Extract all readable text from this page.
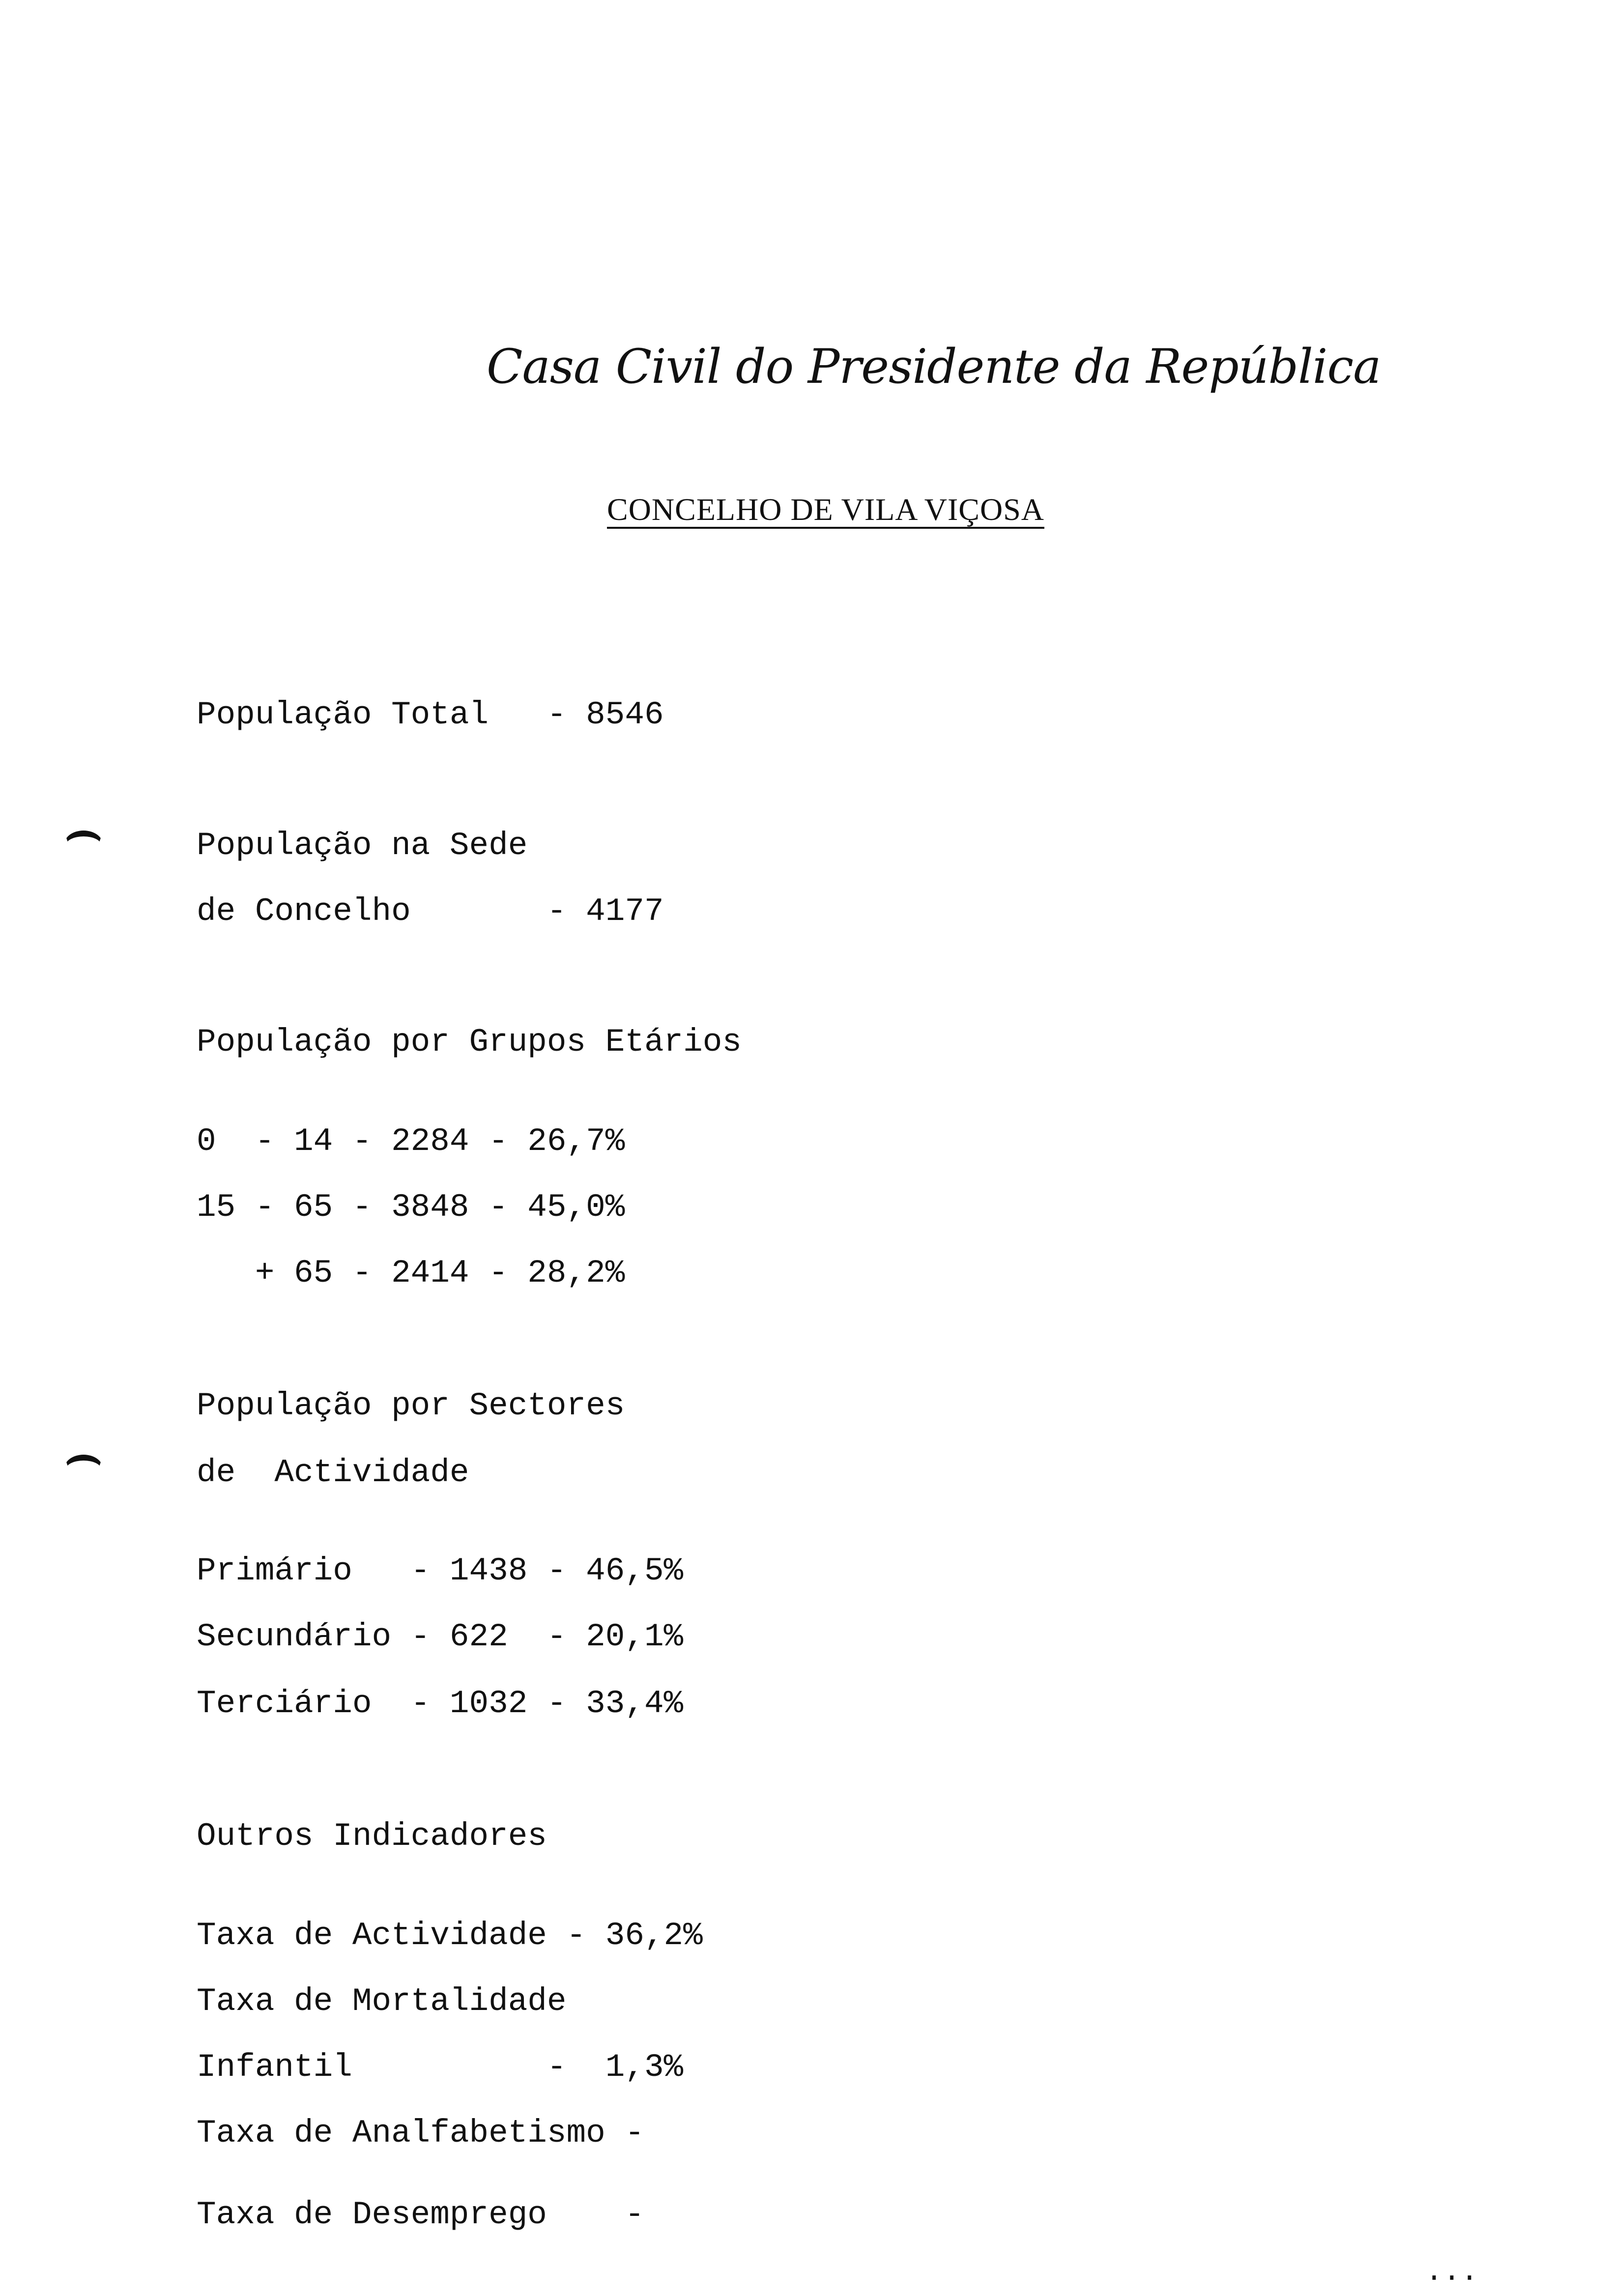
Casa Civil do Presidente da República
CONCELHO DE VILA VIÇOSA
População Total   - 8546
População na Sede
de Concelho       - 4177
População por Grupos Etários
0  - 14 - 2284 - 26,7%
15 - 65 - 3848 - 45,0%
+ 65 - 2414 - 28,2%
População por Sectores
de  Actividade
Primário   - 1438 - 46,5%
Secundário - 622  - 20,1%
Terciário  - 1032 - 33,4%
Outros Indicadores
Taxa de Actividade - 36,2%
Taxa de Mortalidade
Infantil          -  1,3%
Taxa de Analfabetismo -
Taxa de Desemprego    -
...
